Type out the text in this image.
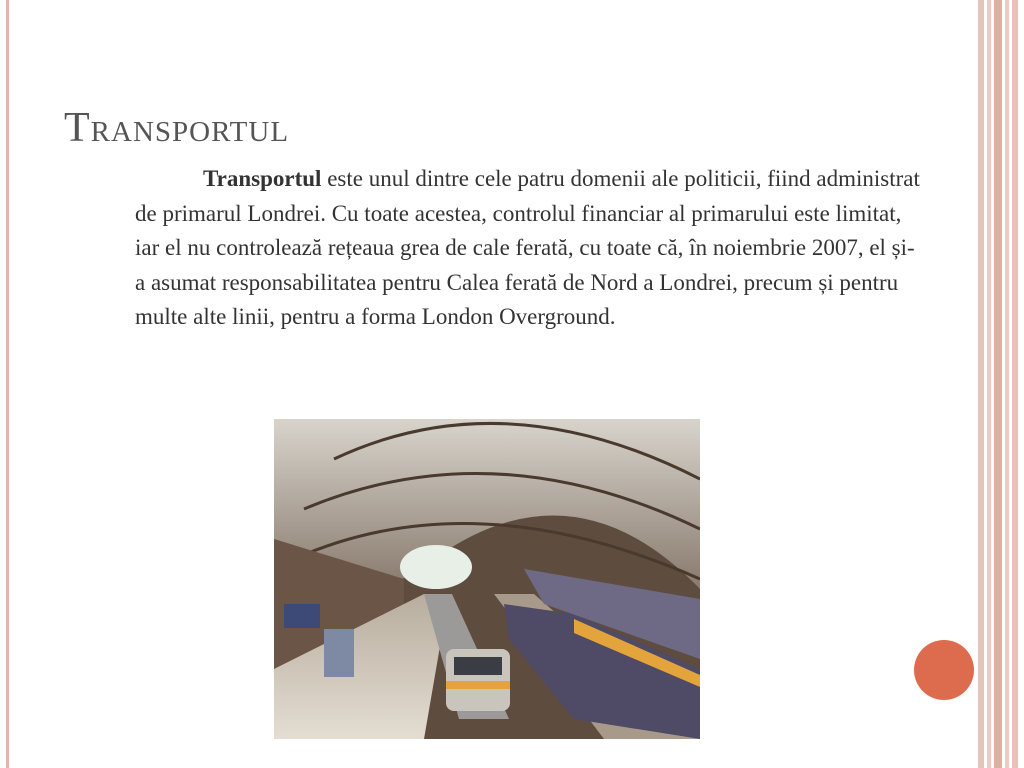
Transportul

Transportul este unul dintre cele patru domenii ale politicii, fiind administrat de primarul Londrei. Cu toate acestea, controlul financiar al primarului este limitat, iar el nu controlează rețeaua grea de cale ferată, cu toate că, în noiembrie 2007, el și-a asumat responsabilitatea pentru Calea ferată de Nord a Londrei, precum și pentru multe alte linii, pentru a forma London Overground.
